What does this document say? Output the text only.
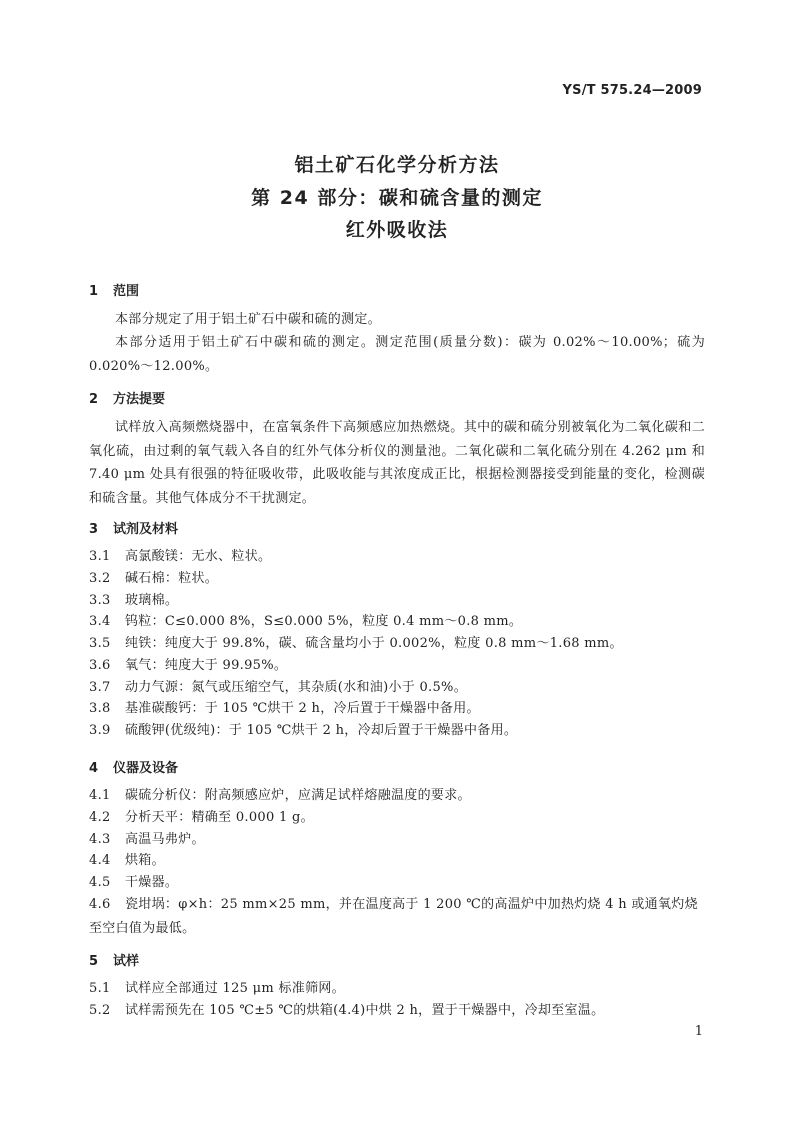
YS/T 575.24—2009
铝土矿石化学分析方法
第 24 部分：碳和硫含量的测定
红外吸收法
1 范围
本部分规定了用于铝土矿石中碳和硫的测定。
本部分适用于铝土矿石中碳和硫的测定。测定范围(质量分数)：碳为 0.02%～10.00%；硫为 0.020%～12.00%。
2 方法提要
试样放入高频燃烧器中，在富氧条件下高频感应加热燃烧。其中的碳和硫分别被氧化为二氧化碳和二氧化硫，由过剩的氧气载入各自的红外气体分析仪的测量池。二氧化碳和二氧化硫分别在 4.262 μm 和 7.40 μm 处具有很强的特征吸收带，此吸收能与其浓度成正比，根据检测器接受到能量的变化，检测碳和硫含量。其他气体成分不干扰测定。
3 试剂及材料
3.1 高氯酸镁：无水、粒状。
3.2 碱石棉：粒状。
3.3 玻璃棉。
3.4 钨粒：C≤0.000 8%，S≤0.000 5%，粒度 0.4 mm～0.8 mm。
3.5 纯铁：纯度大于 99.8%，碳、硫含量均小于 0.002%，粒度 0.8 mm～1.68 mm。
3.6 氧气：纯度大于 99.95%。
3.7 动力气源：氮气或压缩空气，其杂质(水和油)小于 0.5%。
3.8 基准碳酸钙：于 105 ℃烘干 2 h，冷后置于干燥器中备用。
3.9 硫酸钾(优级纯)：于 105 ℃烘干 2 h，冷却后置于干燥器中备用。
4 仪器及设备
4.1 碳硫分析仪：附高频感应炉，应满足试样熔融温度的要求。
4.2 分析天平：精确至 0.000 1 g。
4.3 高温马弗炉。
4.4 烘箱。
4.5 干燥器。
4.6 瓷坩埚：φ×h：25 mm×25 mm，并在温度高于 1 200 ℃的高温炉中加热灼烧 4 h 或通氧灼烧至空白值为最低。
5 试样
5.1 试样应全部通过 125 μm 标准筛网。
5.2 试样需预先在 105 ℃±5 ℃的烘箱(4.4)中烘 2 h，置于干燥器中，冷却至室温。
1
